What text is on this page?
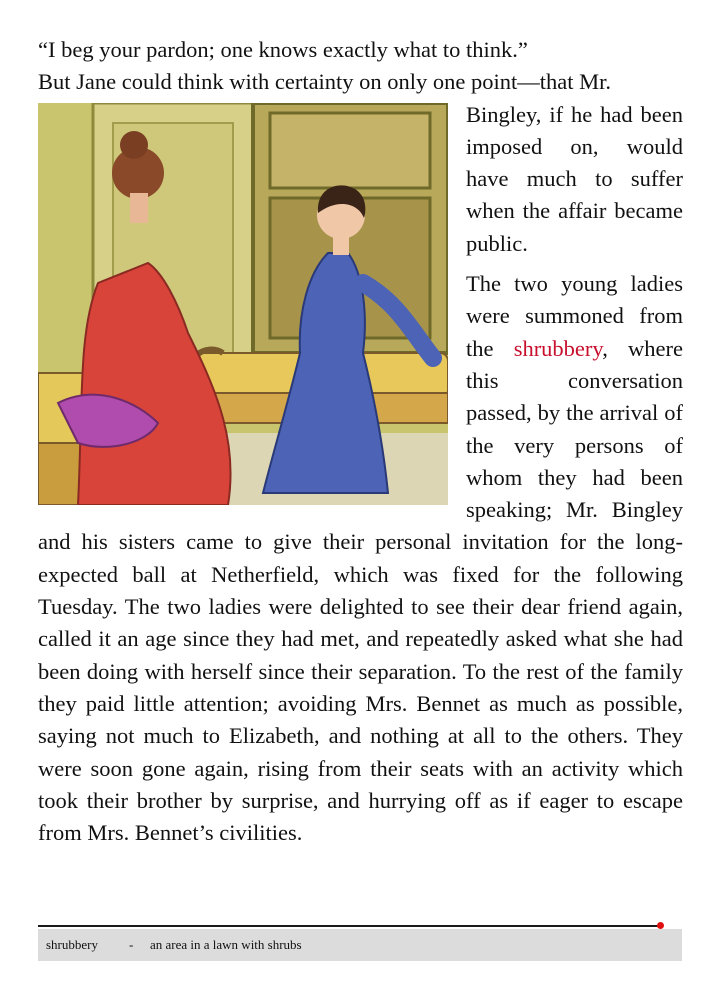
“I beg your pardon; one knows exactly what to think.”

But Jane could think with certainty on only one point—that Mr.

Bingley, if he had been imposed on, would have much to suffer when the affair became public.

The two young ladies were summoned from the shrubbery, where this conversation passed, by the arrival of the very persons of whom they had been speaking; Mr. Bingley and his sisters came to give their personal invitation for the long-expected ball at Netherfield, which was fixed for the following Tuesday. The two ladies were delighted to see their dear friend again, called it an age since they had met, and repeatedly asked what she had been doing with herself since their separation. To the rest of the family they paid little attention; avoiding Mrs. Bennet as much as possible, saying not much to Elizabeth, and nothing at all to the others. They were soon gone again, rising from their seats with an activity which took their brother by surprise, and hurrying off as if eager to escape from Mrs. Bennet’s civilities.

shrubbery - an area in a lawn with shrubs
